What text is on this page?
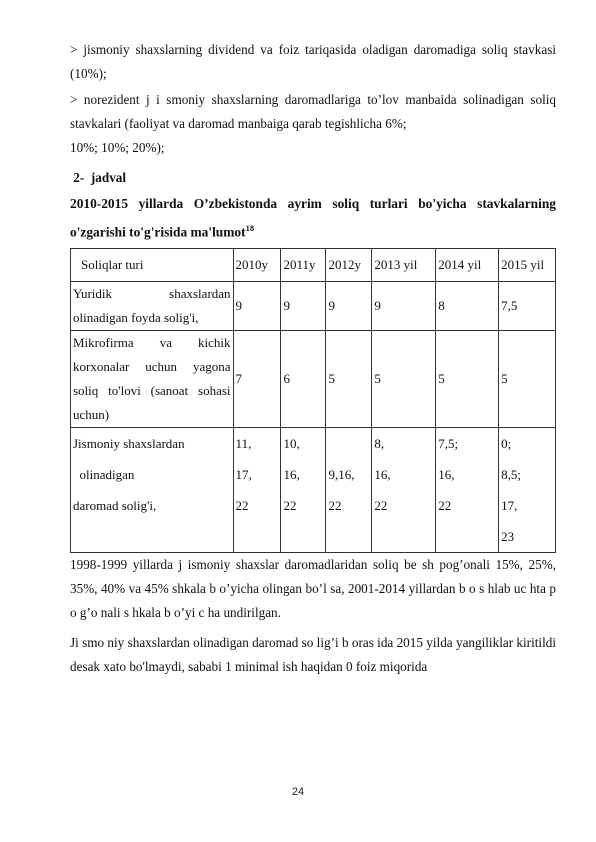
> jismoniy shaxslarning dividend va foiz tariqasida oladigan daromadiga soliq stavkasi (10%);

> norezident j i smoniy shaxslarning daromadlariga to’lov manbaida solinadigan soliq stavkalari (faoliyat va daromad manbaiga qarab tegishlicha 6%;

10%; 10%; 20%);

2-  jadval

2010-2015 yillarda O’zbekistonda ayrim soliq turlari bo'yicha stavkalarning o'zgarishi to'g'risida ma'lumot$^{18}$

Soliqlar turi	2010y	2011y	2012y	2013 yil	2014 yil	2015 yil

Yuridik shaxslardan
olinadigan foyda solig'i,	9	9	9	9	8	7,5

Mikrofirma va kichik
korxonalar uchun yagona
soliq to'lovi (sanoat sohasi
uchun)	7	6	5	5	5	5

Jismoniy shaxslardan
olinadigan
daromad solig'i,	11,
17,
22	10,
16,
22	9,16,
22	8,
16,
22	7,5;
16,
22	0;
8,5;
17,
23

1998-1999 yillarda j ismoniy shaxslar daromadlaridan soliq be sh pog’onali 15%, 25%, 35%, 40% va 45% shkala b o’yicha olingan bo’l sa, 2001-2014 yillardan b o s hlab uc hta p o g’o nali s hkala b o’yi c ha undirilgan.

Ji smo niy shaxslardan olinadigan daromad so lig’i b oras ida 2015 yilda yangiliklar kiritildi desak xato bo'lmaydi, sababi 1 minimal ish haqidan 0 foiz miqorida

24
